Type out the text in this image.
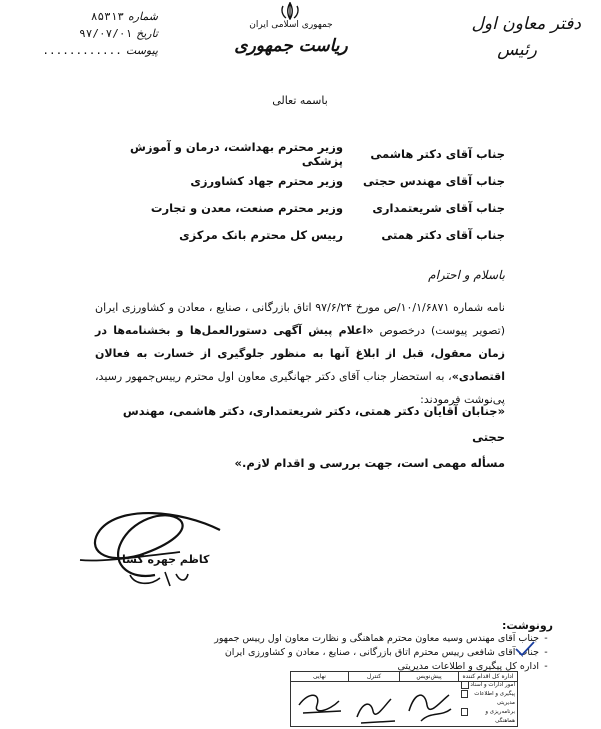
شماره
۸۵۳۱۳
تاریخ
۹۷/۰۷/۰۱
پیوست
............
جمهوری اسلامی ایران
ریاست جمهوری
دفتر معاون اول
رئیس
باسمه تعالی
جناب آقای دکتر هاشمی
وزیر محترم بهداشت، درمان و آموزش پزشکی
جناب آقای مهندس حجتی
وزیر محترم جهاد کشاورزی
جناب آقای شریعتمداری
وزیر محترم صنعت، معدن و تجارت
جناب آقای دکتر همتی
رییس کل محترم بانک مرکزی
باسلام و احترام
نامه شماره ۱۰/۱/۶۸۷۱/ص مورخ ۹۷/۶/۲۴ اتاق بازرگانی ، صنایع ، معادن و کشاورزی ایران (تصویر پیوست) درخصوص «اعلام پیش آگهی دستورالعمل‌ها و بخشنامه‌ها در زمان معقول، قبل از ابلاغ آنها به منظور جلوگیری از خسارت به فعالان اقتصادی»، به استحضار جناب آقای دکتر جهانگیری معاون اول محترم رییس‌جمهور رسید، پی‌نوشت فرمودند:
«جنابان آقایان دکتر همتی، دکتر شریعتمداری، دکتر هاشمی، مهندس حجتی
مسأله مهمی است، جهت بررسی و اقدام لازم.»
کاظم جهره گشا
رونوشت:
-
جناب آقای مهندس وسیه معاون محترم هماهنگی و نظارت معاون اول رییس جمهور
-
جناب آقای شافعی رییس محترم اتاق بازرگانی ، صنایع ، معادن و کشاورزی ایران
-
اداره کل پیگیری و اطلاعات مدیریتی
اداره کل اقدام کننده
پیش‌نویس
کنترل
نهایی
امور ادارات و اسناد
پیگیری و اطلاعات مدیریتی
برنامه‌ریزی و هماهنگی
